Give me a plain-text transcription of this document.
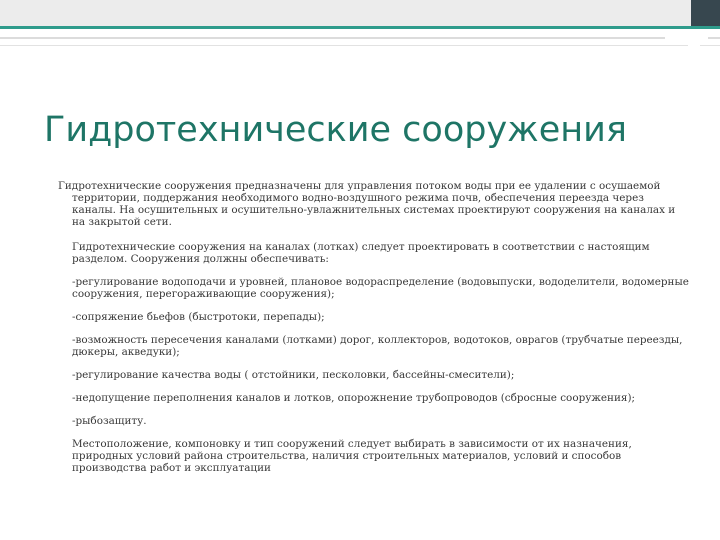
Гидротехнические сооружения

Гидротехнические сооружения предназначены для управления потоком воды при ее удалении с осушаемой территории, поддержания необходимого водно-воздушного режима почв, обеспечения переезда через каналы. На осушительных и осушительно-увлажнительных системах проектируют сооружения на каналах и на закрытой сети.

Гидротехнические сооружения на каналах (лотках) следует проектировать в соответствии с настоящим разделом. Сооружения должны обеспечивать:

-регулирование водоподачи и уровней, плановое водораспределение (водовыпуски, вододелители, водомерные сооружения, перегораживающие сооружения);

-сопряжение бьефов (быстротоки, перепады);

-возможность пересечения каналами (лотками) дорог, коллекторов, водотоков, оврагов (трубчатые переезды, дюкеры, акведуки);

-регулирование качества воды ( отстойники, песколовки, бассейны-смесители);

-недопущение переполнения каналов и лотков, опорожнение трубопроводов (сбросные сооружения);

-рыбозащиту.

Местоположение, компоновку и тип сооружений следует выбирать в зависимости от их назначения, природных условий района строительства, наличия строительных материалов, условий и способов производства работ и эксплуатации
